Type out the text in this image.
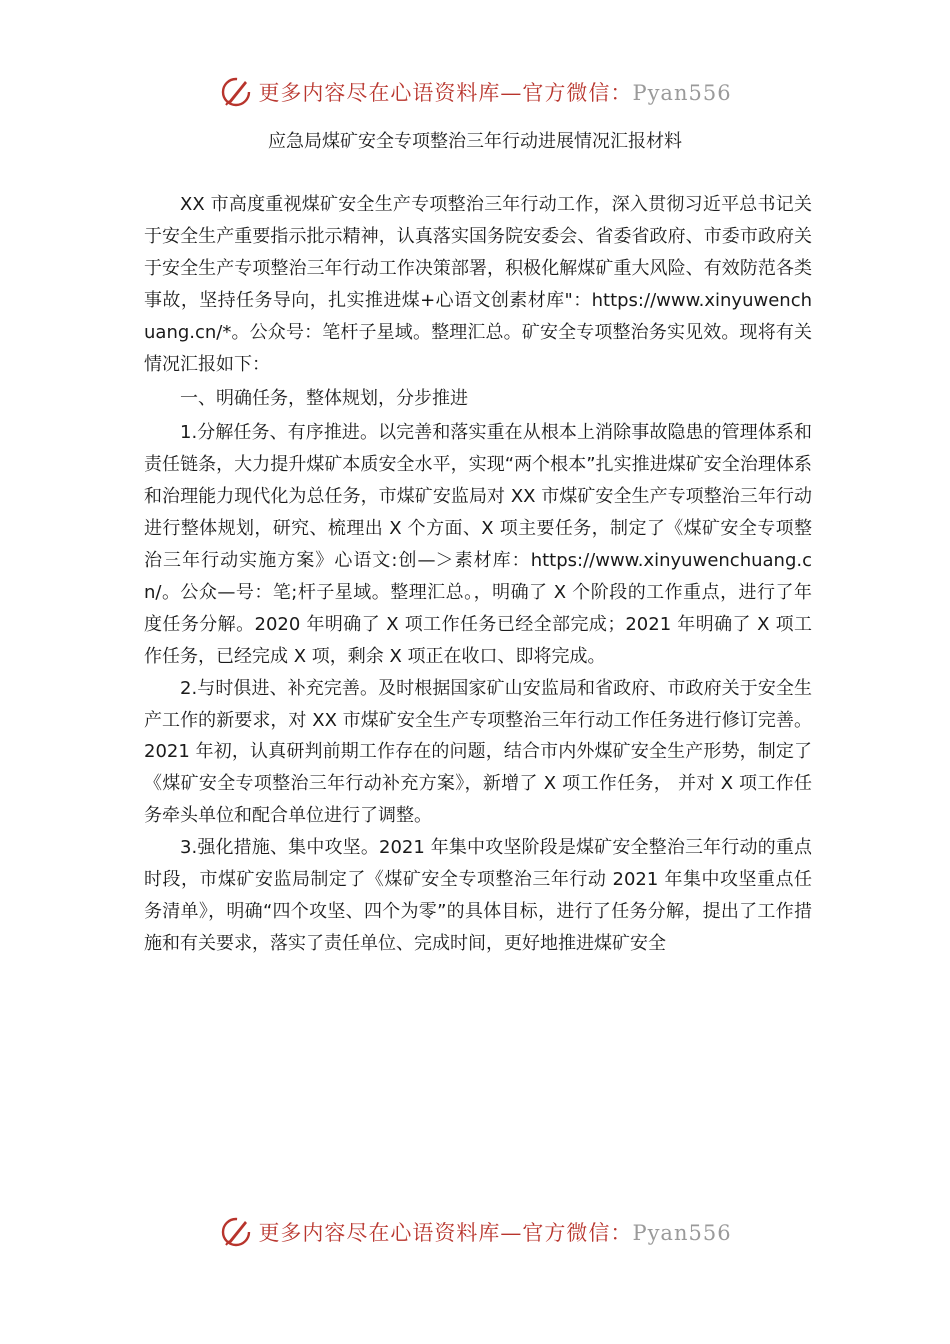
更多内容尽在心语资料库—官方微信：Pyan556
应急局煤矿安全专项整治三年行动进展情况汇报材料

XX 市高度重视煤矿安全生产专项整治三年行动工作，深入贯彻习近平总书记关于安全生产重要指示批示精神，认真落实国务院安委会、省委省政府、市委市政府关于安全生产专项整治三年行动工作决策部署，积极化解煤矿重大风险、有效防范各类事故，坚持任务导向，扎实推进煤+心语文创素材库"：https://www.xinyuwenchuang.cn/*。公众号：笔杆子星域。整理汇总。矿安全专项整治务实见效。现将有关情况汇报如下：

一、明确任务，整体规划，分步推进

1.分解任务、有序推进。以完善和落实重在从根本上消除事故隐患的管理体系和责任链条，大力提升煤矿本质安全水平，实现“两个根本”扎实推进煤矿安全治理体系和治理能力现代化为总任务，市煤矿安监局对 XX 市煤矿安全生产专项整治三年行动进行整体规划，研究、梳理出 X 个方面、X 项主要任务，制定了《煤矿安全专项整治三年行动实施方案》心语文:创—＞素材库：https://www.xinyuwenchuang.cn/。公众—号：笔;杆子星域。整理汇总。，明确了 X 个阶段的工作重点，进行了年度任务分解。2020 年明确了 X 项工作任务已经全部完成；2021 年明确了 X 项工作任务，已经完成 X 项，剩余 X 项正在收口、即将完成。

2.与时俱进、补充完善。及时根据国家矿山安监局和省政府、市政府关于安全生产工作的新要求，对 XX 市煤矿安全生产专项整治三年行动工作任务进行修订完善。2021 年初，认真研判前期工作存在的问题，结合市内外煤矿安全生产形势，制定了《煤矿安全专项整治三年行动补充方案》，新增了 X 项工作任务， 并对 X 项工作任务牵头单位和配合单位进行了调整。

3.强化措施、集中攻坚。2021 年集中攻坚阶段是煤矿安全整治三年行动的重点时段，市煤矿安监局制定了《煤矿安全专项整治三年行动 2021 年集中攻坚重点任务清单》，明确“四个攻坚、四个为零”的具体目标，进行了任务分解，提出了工作措施和有关要求，落实了责任单位、完成时间，更好地推进煤矿安全

更多内容尽在心语资料库—官方微信：Pyan556
